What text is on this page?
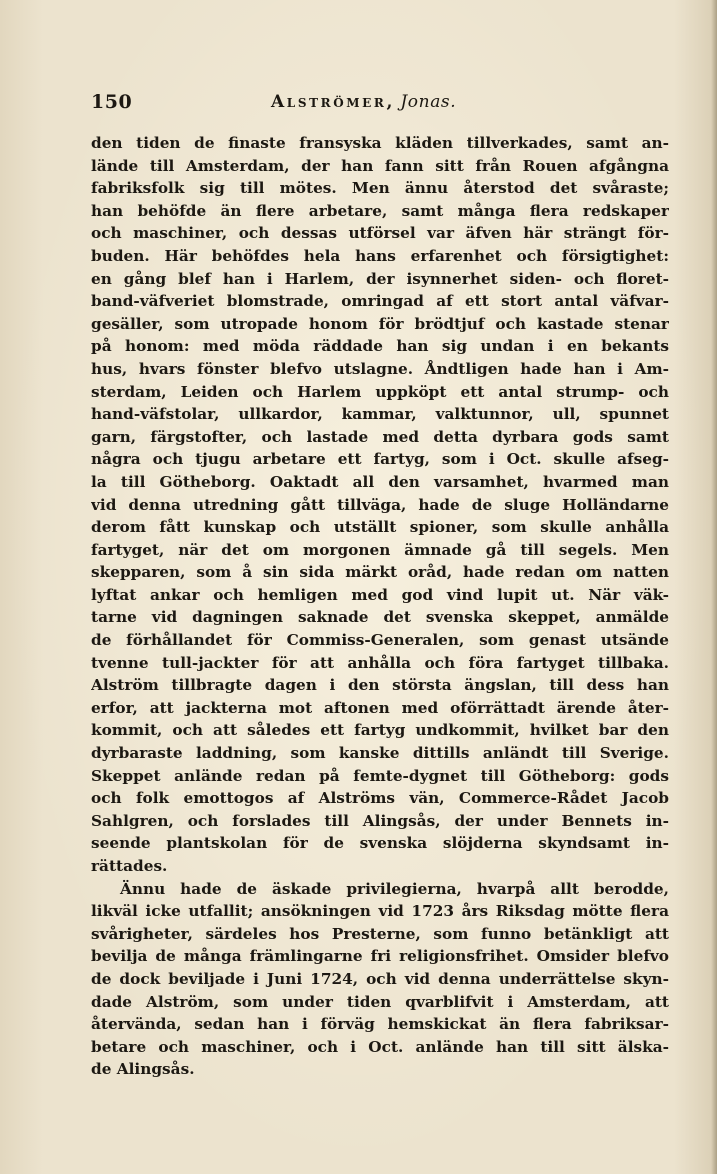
150	Alströmer, Jonas.
den tiden de finaste fransyska kläden tillverkades, samt an-
lände till Amsterdam, der han fann sitt från Rouen afgångna
fabriksfolk sig till mötes. Men ännu återstod det svåraste;
han behöfde än flere arbetare, samt många flera redskaper
och maschiner, och dessas utförsel var äfven här strängt för-
buden. Här behöfdes hela hans erfarenhet och försigtighet:
en gång blef han i Harlem, der isynnerhet siden- och floret-
band-väfveriet blomstrade, omringad af ett stort antal väfvar-
gesäller, som utropade honom för brödtjuf och kastade stenar
på honom: med möda räddade han sig undan i en bekants
hus, hvars fönster blefvo utslagne. Åndtligen hade han i Am-
sterdam, Leiden och Harlem uppköpt ett antal strump- och
hand-väfstolar, ullkardor, kammar, valktunnor, ull, spunnet
garn, färgstofter, och lastade med detta dyrbara gods samt
några och tjugu arbetare ett fartyg, som i Oct. skulle afseg-
la till Götheborg. Oaktadt all den varsamhet, hvarmed man
vid denna utredning gått tillväga, hade de sluge Holländarne
derom fått kunskap och utställt spioner, som skulle anhålla
fartyget, när det om morgonen ämnade gå till segels. Men
skepparen, som å sin sida märkt oråd, hade redan om natten
lyftat ankar och hemligen med god vind lupit ut. När väk-
tarne vid dagningen saknade det svenska skeppet, anmälde
de förhållandet för Commiss-Generalen, som genast utsände
tvenne tull-jackter för att anhålla och föra fartyget tillbaka.
Alström tillbragte dagen i den största ängslan, till dess han
erfor, att jackterna mot aftonen med oförrättadt ärende åter-
kommit, och att således ett fartyg undkommit, hvilket bar den
dyrbaraste laddning, som kanske dittills anländt till Sverige.
Skeppet anlände redan på femte-dygnet till Götheborg: gods
och folk emottogos af Alströms vän, Commerce-Rådet Jacob
Sahlgren, och forslades till Alingsås, der under Bennets in-
seende plantskolan för de svenska slöjderna skyndsamt in-
rättades.
Ännu hade de äskade privilegierna, hvarpå allt berodde,
likväl icke utfallit; ansökningen vid 1723 års Riksdag mötte flera
svårigheter, särdeles hos Presterne, som funno betänkligt att
bevilja de många främlingarne fri religionsfrihet. Omsider blefvo
de dock beviljade i Juni 1724, och vid denna underrättelse skyn-
dade Alström, som under tiden qvarblifvit i Amsterdam, att
återvända, sedan han i förväg hemskickat än flera fabriksar-
betare och maschiner, och i Oct. anlände han till sitt älska-
de Alingsås.
